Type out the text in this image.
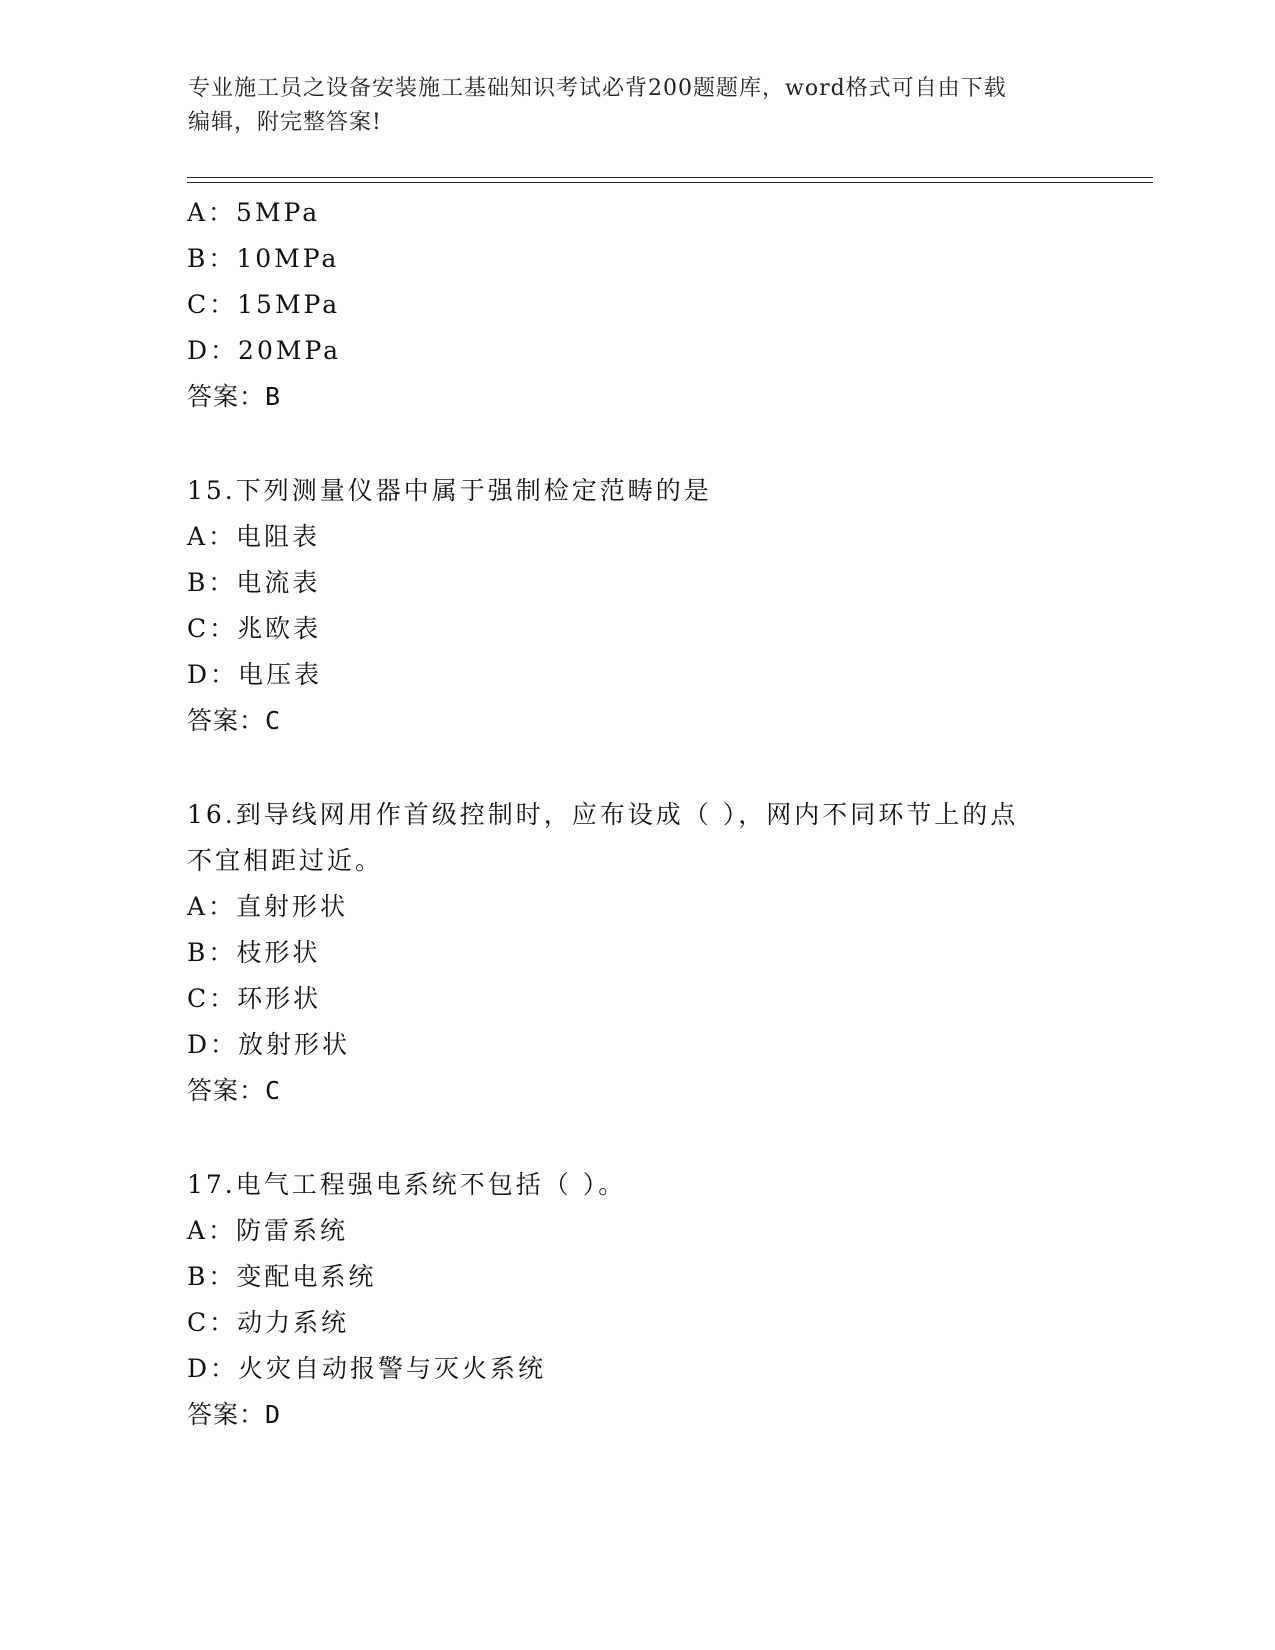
专业施工员之设备安装施工基础知识考试必背200题题库，word格式可自由下载
编辑，附完整答案!
A：5MPa
B：10MPa
C：15MPa
D：20MPa
答案：B
15.下列测量仪器中属于强制检定范畴的是
A：电阻表
B：电流表
C：兆欧表
D：电压表
答案：C
16.到导线网用作首级控制时，应布设成（ ），网内不同环节上的点
不宜相距过近。
A：直射形状
B：枝形状
C：环形状
D：放射形状
答案：C
17.电气工程强电系统不包括（ ）。
A：防雷系统
B：变配电系统
C：动力系统
D：火灾自动报警与灭火系统
答案：D
